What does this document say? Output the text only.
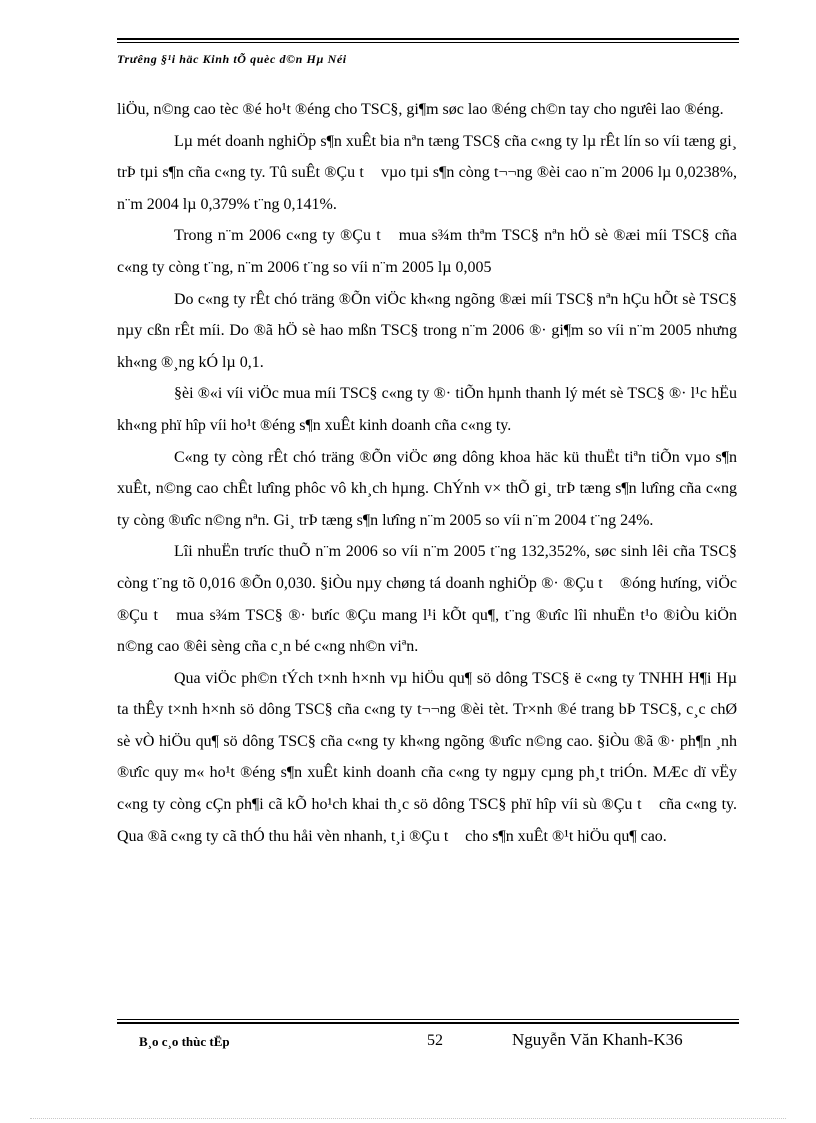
Trưêng §¹i häc Kinh tÕ quèc d©n Hµ Néi

liÖu, n©ng cao tèc ®é ho¹t ®éng cho TSC§, gi¶m søc lao ®éng ch©n tay cho ngưêi lao ®éng.

Lµ mét doanh nghiÖp s¶n xuÊt bia nªn tæng TSC§ cña c«ng ty lµ rÊt lín so víi tæng gi¸ trÞ tµi s¶n cña c«ng ty. Tû suÊt ®Çu t vµo tµi s¶n còng t¬¬ng ®èi cao n¨m 2006 lµ 0,0238%, n¨m 2004 lµ 0,379% t¨ng 0,141%.

Trong n¨m 2006 c«ng ty ®Çu t mua s¾m thªm TSC§ nªn hÖ sè ®æi míi TSC§ cña c«ng ty còng t¨ng, n¨m 2006 t¨ng so víi n¨m 2005 lµ 0,005

Do c«ng ty rÊt chó träng ®Õn viÖc kh«ng ngõng ®æi míi TSC§ nªn hÇu hÕt sè TSC§ nµy cßn rÊt míi. Do ®ã hÖ sè hao mßn TSC§ trong n¨m 2006 ®· gi¶m so víi n¨m 2005 nhưng kh«ng ®¸ng kÓ lµ 0,1.

§èi ®«i víi viÖc mua míi TSC§ c«ng ty ®· tiÕn hµnh thanh lý mét sè TSC§ ®· l¹c hËu kh«ng phï hîp víi ho¹t ®éng s¶n xuÊt kinh doanh cña c«ng ty.

C«ng ty còng rÊt chó träng ®Õn viÖc øng dông khoa häc kü thuËt tiªn tiÕn vµo s¶n xuÊt, n©ng cao chÊt lưîng phôc vô kh¸ch hµng. ChÝnh v× thÕ gi¸ trÞ tæng s¶n lưîng cña c«ng ty còng ®ưîc n©ng nªn. Gi¸ trÞ tæng s¶n lưîng n¨m 2005 so víi n¨m 2004 t¨ng 24%.

Lîi nhuËn trưíc thuÕ n¨m 2006 so víi n¨m 2005 t¨ng 132,352%, søc sinh lêi cña TSC§ còng t¨ng tõ 0,016 ®Õn 0,030. §iÒu nµy chøng tá doanh nghiÖp ®· ®Çu t ®óng hưíng, viÖc ®Çu t mua s¾m TSC§ ®· bưíc ®Çu mang l¹i kÕt qu¶, t¨ng ®ưîc lîi nhuËn t¹o ®iÒu kiÖn n©ng cao ®êi sèng cña c¸n bé c«ng nh©n viªn.

Qua viÖc ph©n tÝch t×nh h×nh vµ hiÖu qu¶ sö dông TSC§ ë c«ng ty TNHH H¶i Hµ ta thÊy t×nh h×nh sö dông TSC§ cña c«ng ty t¬¬ng ®èi tèt. Tr×nh ®é trang bÞ TSC§, c¸c chØ sè vÒ hiÖu qu¶ sö dông TSC§ cña c«ng ty kh«ng ngõng ®ưîc n©ng cao. §iÒu ®ã ®· ph¶n ¸nh ®ưîc quy m« ho¹t ®éng s¶n xuÊt kinh doanh cña c«ng ty ngµy cµng ph¸t triÓn. MÆc dï vËy c«ng ty còng cÇn ph¶i cã kÕ ho¹ch khai th¸c sö dông TSC§ phï hîp víi sù ®Çu t cña c«ng ty. Qua ®ã c«ng ty cã thÓ thu håi vèn nhanh, t¸i ®Çu t cho s¶n xuÊt ®¹t hiÖu qu¶ cao.

B¸o c¸o thùc tËp	52	Nguyễn Văn Khanh-K36
